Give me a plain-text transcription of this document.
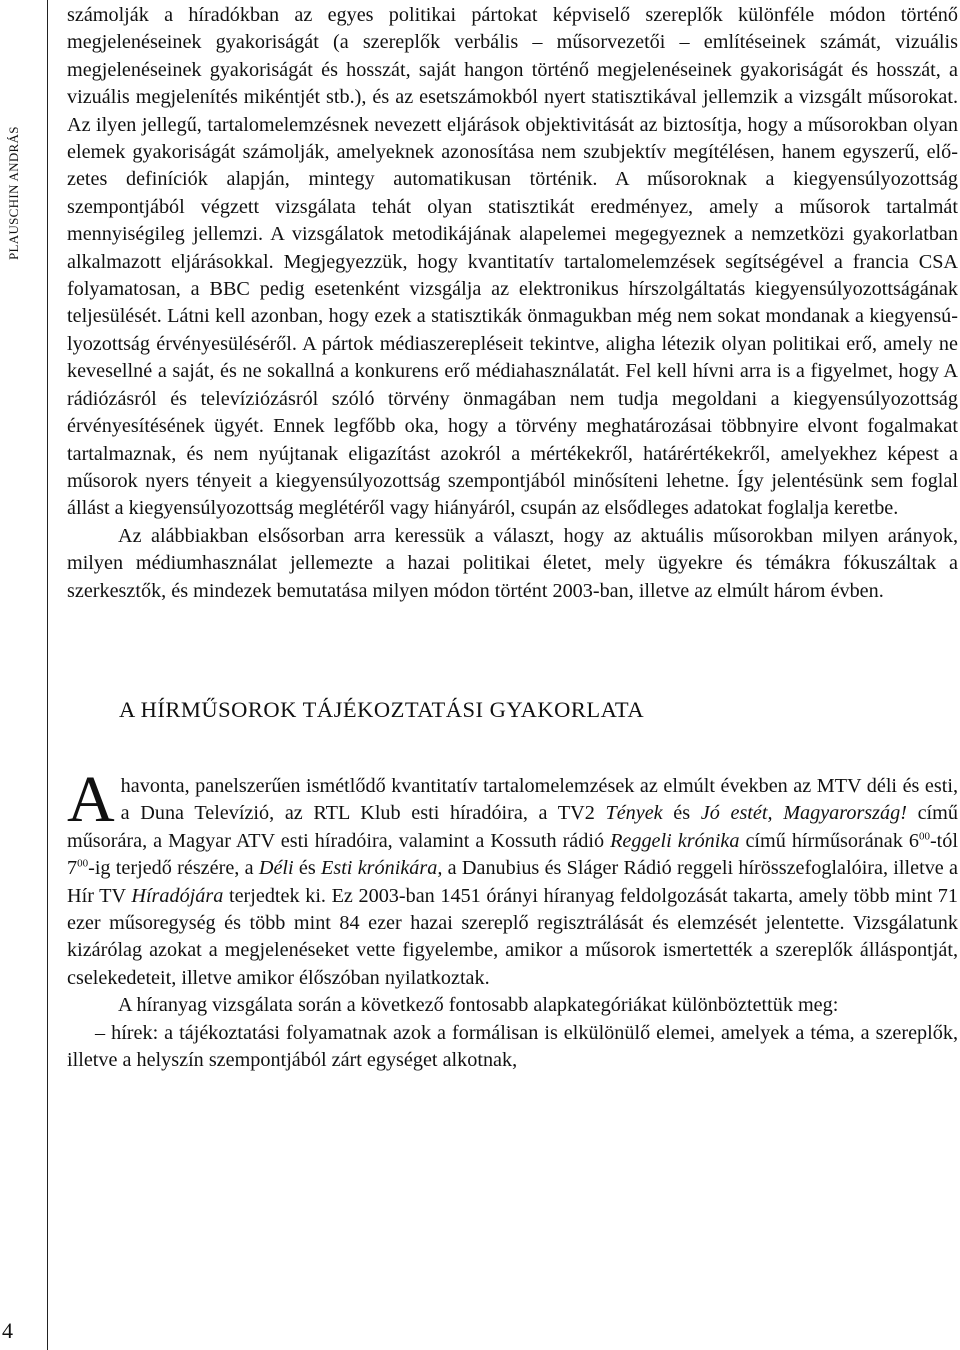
PLAUSCHIN ANDRÁS
4

számolják a híradókban az egyes politikai pártokat képviselő szereplők különféle módon történő megjelenéseinek gyakoriságát (a szereplők verbális – műsorvezetői – említéseinek számát, vizuális megjelenéseinek gyakoriságát és hosszát, saját hangon történő megjelenéseinek gyakoriságát és hosszát, a vizuális megjelenítés mikéntjét stb.), és az esetszámokból nyert statisztikával jellemzik a vizsgált műsorokat. Az ilyen jellegű, tartalomelemzésnek nevezett eljárások objektivitását az biztosítja, hogy a műsorokban olyan elemek gyakoriságát számolják, amelyeknek azonosítása nem szubjektív megítélésen, hanem egyszerű, előzetes definíciók alapján, mintegy automatikusan történik. A műsoroknak a kiegyensúlyozottság szempontjából végzett vizsgálata tehát olyan statisztikát eredményez, amely a műsorok tartalmát mennyiségileg jellemzi. A vizsgálatok metodikájának alapelemei megegyeznek a nemzetközi gyakorlatban alkalmazott eljárásokkal. Megjegyezzük, hogy kvantitatív tartalomelemzések segítségével a francia CSA folyamatosan, a BBC pedig esetenként vizsgálja az elektronikus hírszolgáltatás kiegyensúlyozottságának teljesülését. Látni kell azonban, hogy ezek a statisztikák önmagukban még nem sokat mondanak a kiegyensúlyozottság érvényesüléséről. A pártok médiaszerepléseit tekintve, aligha létezik olyan politikai erő, amely ne kevesellné a saját, és ne sokallná a konkurens erő médiahasználatát. Fel kell hívni arra is a figyelmet, hogy A rádiózásról és televíziózásról szóló törvény önmagában nem tudja megoldani a kiegyensúlyozottság érvényesítésének ügyét. Ennek legfőbb oka, hogy a törvény meghatározásai többnyire elvont fogalmakat tartalmaznak, és nem nyújtanak eligazítást azokról a mértékekről, határértékekről, amelyekhez képest a műsorok nyers tényeit a kiegyensúlyozottság szempontjából minősíteni lehetne. Így jelentésünk sem foglal állást a kiegyensúlyozottság meglétéről vagy hiányáról, csupán az elsődleges adatokat foglalja keretbe.

Az alábbiakban elsősorban arra keressük a választ, hogy az aktuális műsorokban milyen arányok, milyen médiumhasználat jellemezte a hazai politikai életet, mely ügyekre és témákra fókuszáltak a szerkesztők, és mindezek bemutatása milyen módon történt 2003-ban, illetve az elmúlt három évben.

A HÍRMŰSOROK TÁJÉKOZTATÁSI GYAKORLATA

Ahavonta, panelszerűen ismétlődő kvantitatív tartalomelemzések az elmúlt években az MTV déli és esti, a Duna Televízió, az RTL Klub esti híradóira, a TV2 Tények és Jó estét, Magyarország! című műsorára, a Magyar ATV esti híradóira, valamint a Kossuth rádió Reggeli krónika című hírműsorának $6^{00}$-tól $7^{00}-ig$ terjedő részére, a Déli és Esti krónikára, a Danubius és Sláger Rádió reggeli hírösszefoglalóira, illetve a Hír TV Híradójára terjedtek ki. Ez 2003-ban 1451 órányi híranyag feldolgozását takarta, amely több mint 71 ezer műsoregység és több mint 84 ezer hazai szereplő regisztrálását és elemzését jelentette. Vizsgálatunk kizárólag azokat a megjelenéseket vette figyelembe, amikor a műsorok ismertették a szereplők álláspontját, cselekedeteit, illetve amikor élőszóban nyilatkoztak.

A híranyag vizsgálata során a következő fontosabb alapkategóriákat különböztettük meg:

– hírek: a tájékoztatási folyamatnak azok a formálisan is elkülönülő elemei, amelyek a téma, a szereplők, illetve a helyszín szempontjából zárt egységet alkotnak,
